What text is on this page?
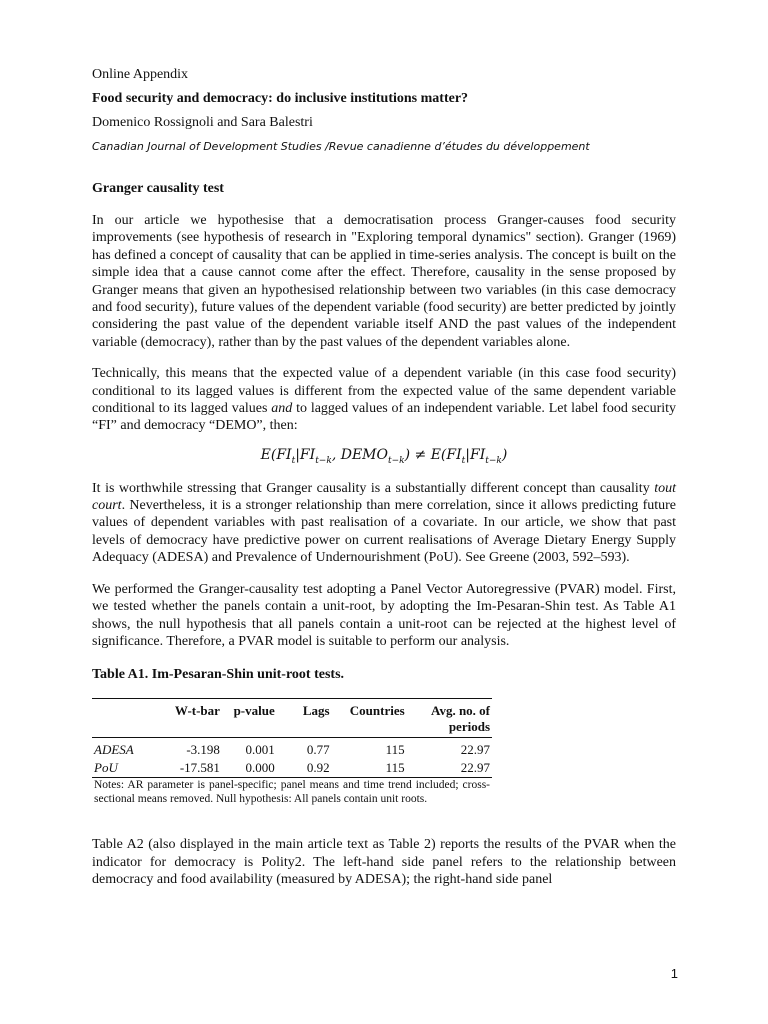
Online Appendix

Food security and democracy: do inclusive institutions matter?

Domenico Rossignoli and Sara Balestri

Canadian Journal of Development Studies /Revue canadienne d’études du développement

Granger causality test

In our article we hypothesise that a democratisation process Granger-causes food security improvements (see hypothesis of research in "Exploring temporal dynamics" section). Granger (1969) has defined a concept of causality that can be applied in time-series analysis. The concept is built on the simple idea that a cause cannot come after the effect. Therefore, causality in the sense proposed by Granger means that given an hypothesised relationship between two variables (in this case democracy and food security), future values of the dependent variable (food security) are better predicted by jointly considering the past value of the dependent variable itself AND the past values of the independent variable (democracy), rather than by the past values of the dependent variables alone.

Technically, this means that the expected value of a dependent variable (in this case food security) conditional to its lagged values is different from the expected value of the same dependent variable conditional to its lagged values and to lagged values of an independent variable. Let label food security “FI” and democracy “DEMO”, then:

$E(FI_t|FI_{t-k}$, $DEMO_{t-k}) \ne E(FI_t|FI_{t-k})$

It is worthwhile stressing that Granger causality is a substantially different concept than causality tout court. Nevertheless, it is a stronger relationship than mere correlation, since it allows predicting future values of dependent variables with past realisation of a covariate. In our article, we show that past levels of democracy have predictive power on current realisations of Average Dietary Energy Supply Adequacy (ADESA) and Prevalence of Undernourishment (PoU). See Greene (2003, 592–593).

We performed the Granger-causality test adopting a Panel Vector Autoregressive (PVAR) model. First, we tested whether the panels contain a unit-root, by adopting the Im-Pesaran-Shin test. As Table A1 shows, the null hypothesis that all panels contain a unit-root can be rejected at the highest level of significance. Therefore, a PVAR model is suitable to perform our analysis.

Table A1. Im-Pesaran-Shin unit-root tests.

	W-t-bar	p-value	Lags	Countries	Avg. no. of periods
ADESA	-3.198	0.001	0.77	115	22.97
PoU	-17.581	0.000	0.92	115	22.97
Notes: AR parameter is panel-specific; panel means and time trend included; cross-sectional means removed. Null hypothesis: All panels contain unit roots.

Table A2 (also displayed in the main article text as Table 2) reports the results of the PVAR when the indicator for democracy is Polity2. The left-hand side panel refers to the relationship between democracy and food availability (measured by ADESA); the right-hand side panel

1
